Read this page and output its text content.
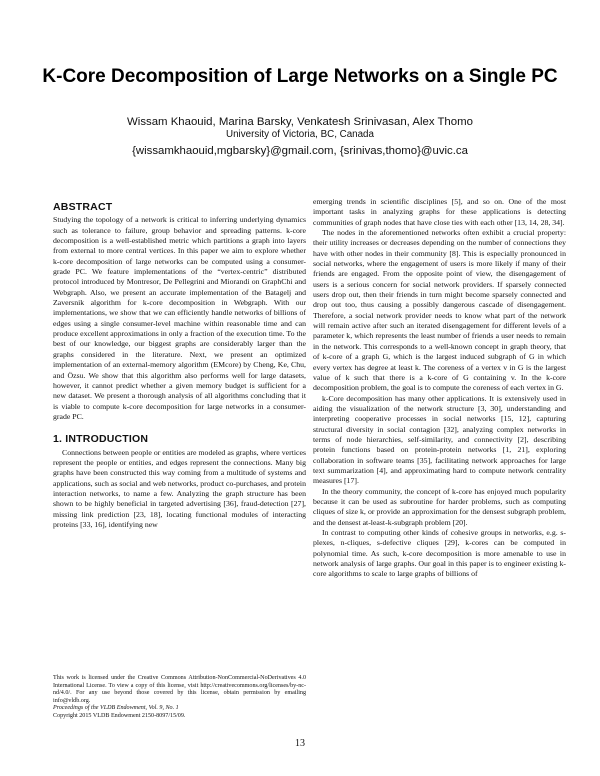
K-Core Decomposition of Large Networks on a Single PC
Wissam Khaouid, Marina Barsky, Venkatesh Srinivasan, Alex Thomo
University of Victoria, BC, Canada
{wissamkhaouid,mgbarsky}@gmail.com, {srinivas,thomo}@uvic.ca
ABSTRACT

Studying the topology of a network is critical to inferring underlying dynamics such as tolerance to failure, group behavior and spreading patterns. k-core decomposition is a well-established metric which partitions a graph into layers from external to more central vertices. In this paper we aim to explore whether k-core decomposition of large networks can be computed using a consumer-grade PC. We feature implementations of the “vertex-centric” distributed protocol introduced by Montresor, De Pellegrini and Miorandi on GraphChi and Webgraph. Also, we present an accurate implementation of the Batagelj and Zaversnik algorithm for k-core decomposition in Webgraph. With our implementations, we show that we can efficiently handle networks of billions of edges using a single consumer-level machine within reasonable time and can produce excellent approximations in only a fraction of the execution time. To the best of our knowledge, our biggest graphs are considerably larger than the graphs considered in the literature. Next, we present an optimized implementation of an external-memory algorithm (EMcore) by Cheng, Ke, Chu, and Özsu. We show that this algorithm also performs well for large datasets, however, it cannot predict whether a given memory budget is sufficient for a new dataset. We present a thorough analysis of all algorithms concluding that it is viable to compute k-core decomposition for large networks in a consumer-grade PC.

1. INTRODUCTION

Connections between people or entities are modeled as graphs, where vertices represent the people or entities, and edges represent the connections. Many big graphs have been constructed this way coming from a multitude of systems and applications, such as social and web networks, product co-purchases, and protein interaction networks, to name a few. Analyzing the graph structure has been shown to be highly beneficial in targeted advertising [36], fraud-detection [27], missing link prediction [23, 18], locating functional modules of interacting proteins [33, 16], identifying new

This work is licensed under the Creative Commons Attribution-NonCommercial-NoDerivatives 4.0 International License. To view a copy of this license, visit http://creativecommons.org/licenses/by-nc-nd/4.0/. For any use beyond those covered by this license, obtain permission by emailing info@vldb.org.

Proceedings of the VLDB Endowment, Vol. 9, No. 1

Copyright 2015 VLDB Endowment 2150-8097/15/09.

emerging trends in scientific disciplines [5], and so on. One of the most important tasks in analyzing graphs for these applications is detecting communities of graph nodes that have close ties with each other [13, 14, 28, 34].

The nodes in the aforementioned networks often exhibit a crucial property: their utility increases or decreases depending on the number of connections they have with other nodes in their community [8]. This is especially pronounced in social networks, where the engagement of users is more likely if many of their friends are engaged. From the opposite point of view, the disengagement of users is a serious concern for social network providers. If sparsely connected users drop out, then their friends in turn might become sparsely connected and drop out too, thus causing a possibly dangerous cascade of disengagement. Therefore, a social network provider needs to know what part of the network will remain active after such an iterated disengagement for different levels of a parameter k, which represents the least number of friends a user needs to remain in the network. This corresponds to a well-known concept in graph theory, that of k-core of a graph G, which is the largest induced subgraph of G in which every vertex has degree at least k. The coreness of a vertex v in G is the largest value of k such that there is a k-core of G containing v. In the k-core decomposition problem, the goal is to compute the coreness of each vertex in G.

k-Core decomposition has many other applications. It is extensively used in aiding the visualization of the network structure [3, 30], understanding and interpreting cooperative processes in social networks [15, 12], capturing structural diversity in social contagion [32], analyzing complex networks in terms of node hierarchies, self-similarity, and connectivity [2], describing protein functions based on protein-protein networks [1, 21], exploring collaboration in software teams [35], facilitating network approaches for large text summarization [4], and approximating hard to compute network centrality measures [17].

In the theory community, the concept of k-core has enjoyed much popularity because it can be used as subroutine for harder problems, such as computing cliques of size k, or provide an approximation for the densest subgraph problem, and the densest at-least-k-subgraph problem [20].

In contrast to computing other kinds of cohesive groups in networks, e.g. s-plexes, n-cliques, s-defective cliques [29], k-cores can be computed in polynomial time. As such, k-core decomposition is more amenable to use in network analysis of large graphs. Our goal in this paper is to engineer existing k-core algorithms to scale to large graphs of billions of

13
